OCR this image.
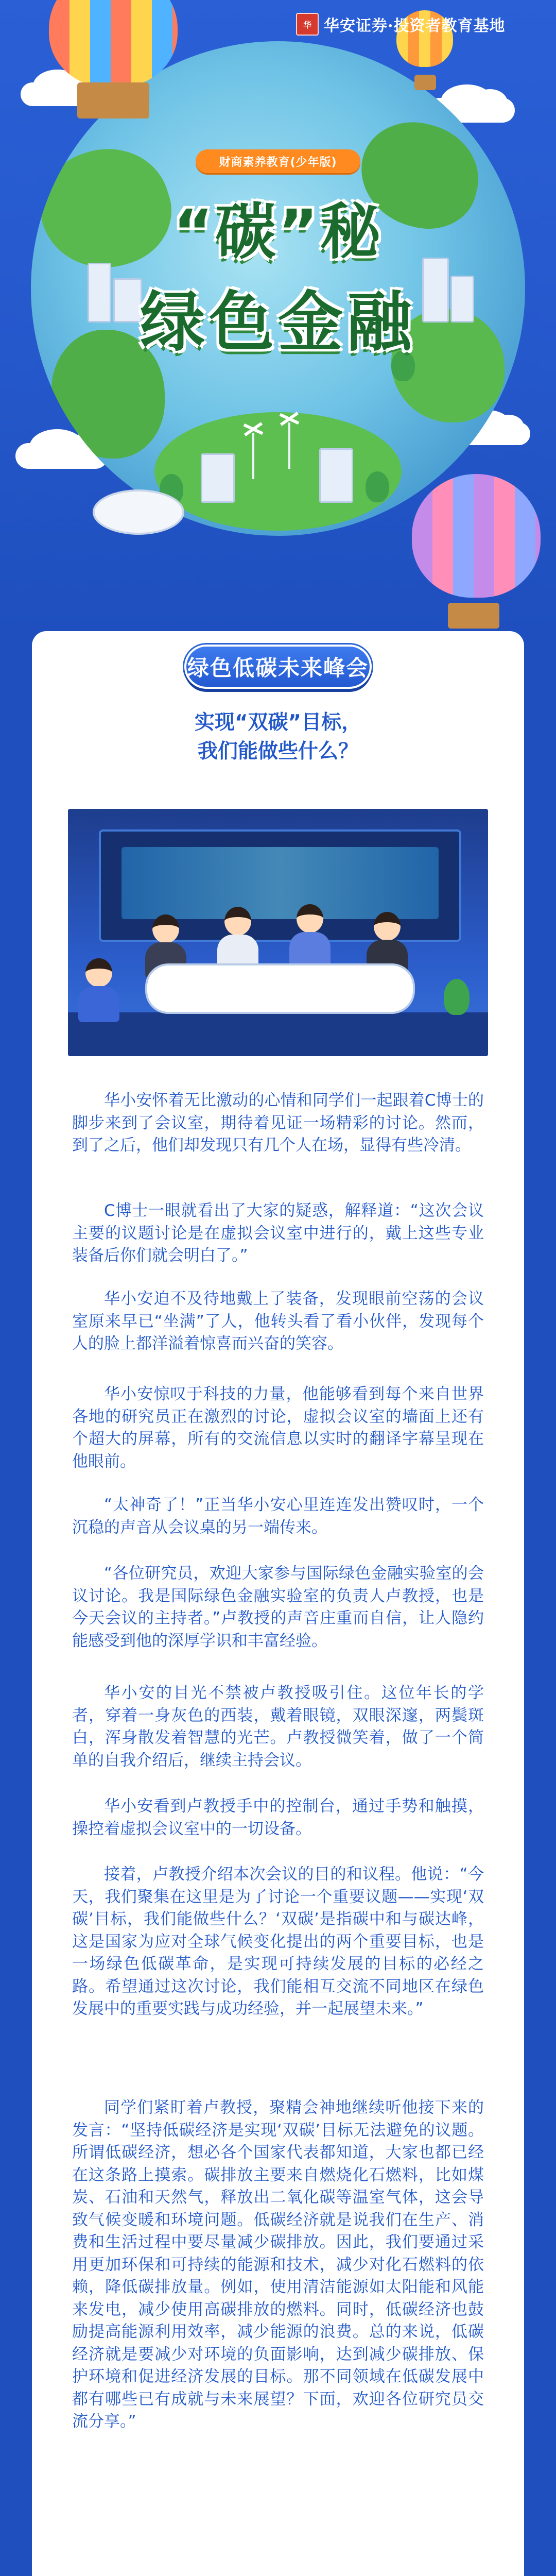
华 华安证券·投资者教育基地
财商素养教育(少年版)
“碳”秘
绿色金融
绿色低碳未来峰会
实现“双碳”目标，
我们能做些什么？

华小安怀着无比激动的心情和同学们一起跟着C博士的脚步来到了会议室，期待着见证一场精彩的讨论。然而，到了之后，他们却发现只有几个人在场，显得有些冷清。

C博士一眼就看出了大家的疑惑，解释道：“这次会议主要的议题讨论是在虚拟会议室中进行的，戴上这些专业装备后你们就会明白了。”

华小安迫不及待地戴上了装备，发现眼前空荡的会议室原来早已“坐满”了人，他转头看了看小伙伴，发现每个人的脸上都洋溢着惊喜而兴奋的笑容。

华小安惊叹于科技的力量，他能够看到每个来自世界各地的研究员正在激烈的讨论，虚拟会议室的墙面上还有个超大的屏幕，所有的交流信息以实时的翻译字幕呈现在他眼前。

“太神奇了！”正当华小安心里连连发出赞叹时，一个沉稳的声音从会议桌的另一端传来。

“各位研究员，欢迎大家参与国际绿色金融实验室的会议讨论。我是国际绿色金融实验室的负责人卢教授，也是今天会议的主持者。”卢教授的声音庄重而自信，让人隐约能感受到他的深厚学识和丰富经验。

华小安的目光不禁被卢教授吸引住。这位年长的学者，穿着一身灰色的西装，戴着眼镜，双眼深邃，两鬓斑白，浑身散发着智慧的光芒。卢教授微笑着，做了一个简单的自我介绍后，继续主持会议。

华小安看到卢教授手中的控制台，通过手势和触摸，操控着虚拟会议室中的一切设备。

接着，卢教授介绍本次会议的目的和议程。他说：“今天，我们聚集在这里是为了讨论一个重要议题——实现‘双碳’目标，我们能做些什么？‘双碳’是指碳中和与碳达峰，这是国家为应对全球气候变化提出的两个重要目标，也是一场绿色低碳革命，是实现可持续发展的目标的必经之路。希望通过这次讨论，我们能相互交流不同地区在绿色发展中的重要实践与成功经验，并一起展望未来。”

同学们紧盯着卢教授，聚精会神地继续听他接下来的发言：“坚持低碳经济是实现‘双碳’目标无法避免的议题。所谓低碳经济，想必各个国家代表都知道，大家也都已经在这条路上摸索。碳排放主要来自燃烧化石燃料，比如煤炭、石油和天然气，释放出二氧化碳等温室气体，这会导致气候变暖和环境问题。低碳经济就是说我们在生产、消费和生活过程中要尽量减少碳排放。因此，我们要通过采用更加环保和可持续的能源和技术，减少对化石燃料的依赖，降低碳排放量。例如，使用清洁能源如太阳能和风能来发电，减少使用高碳排放的燃料。同时，低碳经济也鼓励提高能源利用效率，减少能源的浪费。总的来说，低碳经济就是要减少对环境的负面影响，达到减少碳排放、保护环境和促进经济发展的目标。那不同领域在低碳发展中都有哪些已有成就与未来展望？下面，欢迎各位研究员交流分享。”
